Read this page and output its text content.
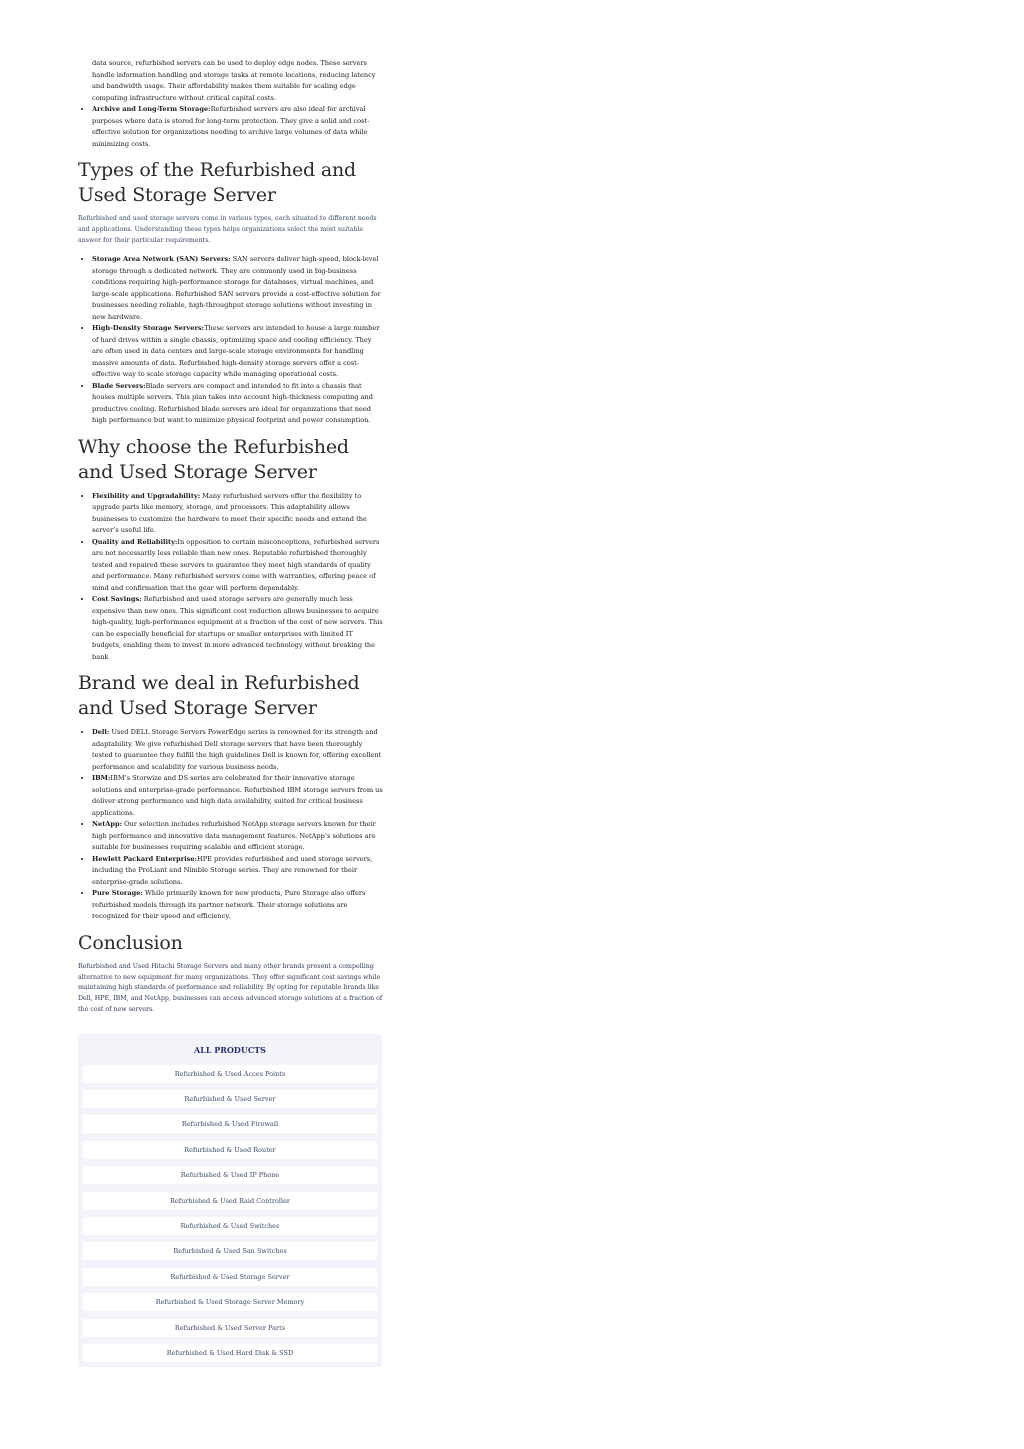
data source, refurbished servers can be used to deploy edge nodes. These servers handle information handling and storage tasks at remote locations, reducing latency and bandwidth usage. Their affordability makes them suitable for scaling edge computing infrastructure without critical capital costs.
• Archive and Long-Term Storage:Refurbished servers are also ideal for archival purposes where data is stored for long-term protection. They give a solid and cost-effective solution for organizations needing to archive large volumes of data while minimizing costs.
Types of the Refurbished and Used Storage Server

Refurbished and used storage servers come in various types, each situated to different needs and applications. Understanding these types helps organizations select the most suitable answer for their particular requirements.

• Storage Area Network (SAN) Servers: SAN servers deliver high-speed, block-level storage through a dedicated network. They are commonly used in big-business conditions requiring high-performance storage for databases, virtual machines, and large-scale applications. Refurbished SAN servers provide a cost-effective solution for businesses needing reliable, high-throughput storage solutions without investing in new hardware.
• High-Density Storage Servers:These servers are intended to house a large number of hard drives within a single chassis, optimizing space and cooling efficiency. They are often used in data centers and large-scale storage environments for handling massive amounts of data. Refurbished high-density storage servers offer a cost-effective way to scale storage capacity while managing operational costs.
• Blade Servers:Blade servers are compact and intended to fit into a chassis that houses multiple servers. This plan takes into account high-thickness computing and productive cooling. Refurbished blade servers are ideal for organizations that need high performance but want to minimize physical footprint and power consumption.
Why choose the Refurbished and Used Storage Server
• Flexibility and Upgradability: Many refurbished servers offer the flexibility to upgrade parts like memory, storage, and processors. This adaptability allows businesses to customize the hardware to meet their specific needs and extend the server’s useful life.
• Quality and Reliability:In opposition to certain misconceptions, refurbished servers are not necessarily less reliable than new ones. Reputable refurbished thoroughly tested and repaired these servers to guarantee they meet high standards of quality and performance. Many refurbished servers come with warranties, offering peace of mind and confirmation that the gear will perform dependably.
• Cost Savings: Refurbished and used storage servers are generally much less expensive than new ones. This significant cost reduction allows businesses to acquire high-quality, high-performance equipment at a fraction of the cost of new servers. This can be especially beneficial for startups or smaller enterprises with limited IT budgets, enabling them to invest in more advanced technology without breaking the bank
Brand we deal in Refurbished and Used Storage Server
• Dell: Used DELL Storage Servers PowerEdge series is renowned for its strength and adaptability. We give refurbished Dell storage servers that have been thoroughly tested to guarantee they fulfill the high guidelines Dell is known for, offering excellent performance and scalability for various business needs.
• IBM:IBM’s Storwize and DS series are celebrated for their innovative storage solutions and enterprise-grade performance. Refurbished IBM storage servers from us deliver strong performance and high data availability, suited for critical business applications.
• NetApp: Our selection includes refurbished NetApp storage servers known for their high performance and innovative data management features. NetApp’s solutions are suitable for businesses requiring scalable and efficient storage.
• Hewlett Packard Enterprise:HPE provides refurbished and used storage servers, including the ProLiant and Nimble Storage series. They are renowned for their enterprise-grade solutions.
• Pure Storage: While primarily known for new products, Pure Storage also offers refurbished models through its partner network. Their storage solutions are recognized for their speed and efficiency.
Conclusion

Refurbished and Used Hitachi Storage Servers and many other brands present a compelling alternative to new equipment for many organizations. They offer significant cost savings while maintaining high standards of performance and reliability. By opting for reputable brands like Dell, HPE, IBM, and NetApp, businesses can access advanced storage solutions at a fraction of the cost of new servers.

ALL PRODUCTS
Refurbished & Used Acces Points
Refurbished & Used Server
Refurbished & Used Firewall
Refurbished & Used Router
Refurbished & Used IP Phone
Refurbished & Used Raid Controller
Refurbished & Used Switches
Refurbished & Used San Switches
Refurbished & Used Storage Server
Refurbished & Used Storage Server Memory
Refurbished & Used Server Parts
Refurbished & Used Hard Disk & SSD
